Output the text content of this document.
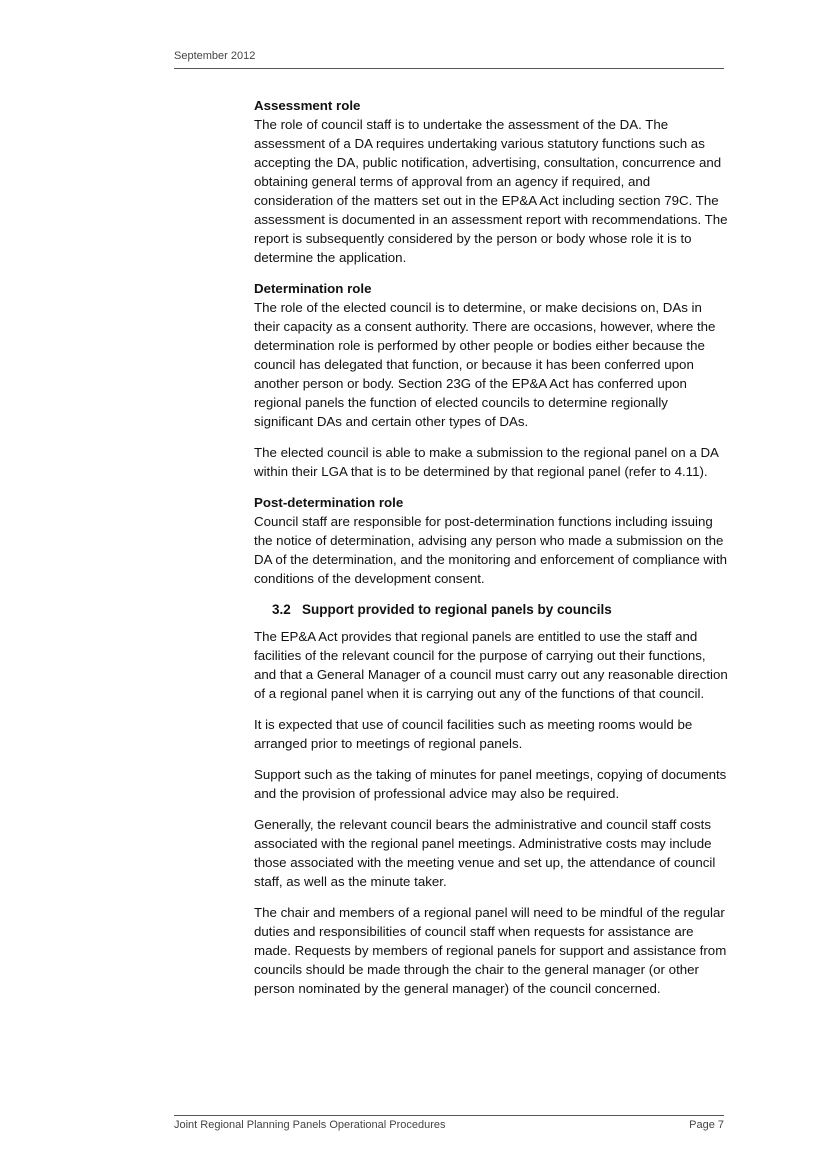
September 2012

Assessment role
The role of council staff is to undertake the assessment of the DA. The assessment of a DA requires undertaking various statutory functions such as accepting the DA, public notification, advertising, consultation, concurrence and obtaining general terms of approval from an agency if required, and consideration of the matters set out in the EP&A Act including section 79C. The assessment is documented in an assessment report with recommendations. The report is subsequently considered by the person or body whose role it is to determine the application.

Determination role
The role of the elected council is to determine, or make decisions on, DAs in their capacity as a consent authority. There are occasions, however, where the determination role is performed by other people or bodies either because the council has delegated that function, or because it has been conferred upon another person or body. Section 23G of the EP&A Act has conferred upon regional panels the function of elected councils to determine regionally significant DAs and certain other types of DAs.

The elected council is able to make a submission to the regional panel on a DA within their LGA that is to be determined by that regional panel (refer to 4.11).

Post-determination role
Council staff are responsible for post-determination functions including issuing the notice of determination, advising any person who made a submission on the DA of the determination, and the monitoring and enforcement of compliance with conditions of the development consent.

3.2 Support provided to regional panels by councils

The EP&A Act provides that regional panels are entitled to use the staff and facilities of the relevant council for the purpose of carrying out their functions, and that a General Manager of a council must carry out any reasonable direction of a regional panel when it is carrying out any of the functions of that council.

It is expected that use of council facilities such as meeting rooms would be arranged prior to meetings of regional panels.

Support such as the taking of minutes for panel meetings, copying of documents and the provision of professional advice may also be required.

Generally, the relevant council bears the administrative and council staff costs associated with the regional panel meetings. Administrative costs may include those associated with the meeting venue and set up, the attendance of council staff, as well as the minute taker.

The chair and members of a regional panel will need to be mindful of the regular duties and responsibilities of council staff when requests for assistance are made. Requests by members of regional panels for support and assistance from councils should be made through the chair to the general manager (or other person nominated by the general manager) of the council concerned.

Joint Regional Planning Panels Operational Procedures	Page 7
